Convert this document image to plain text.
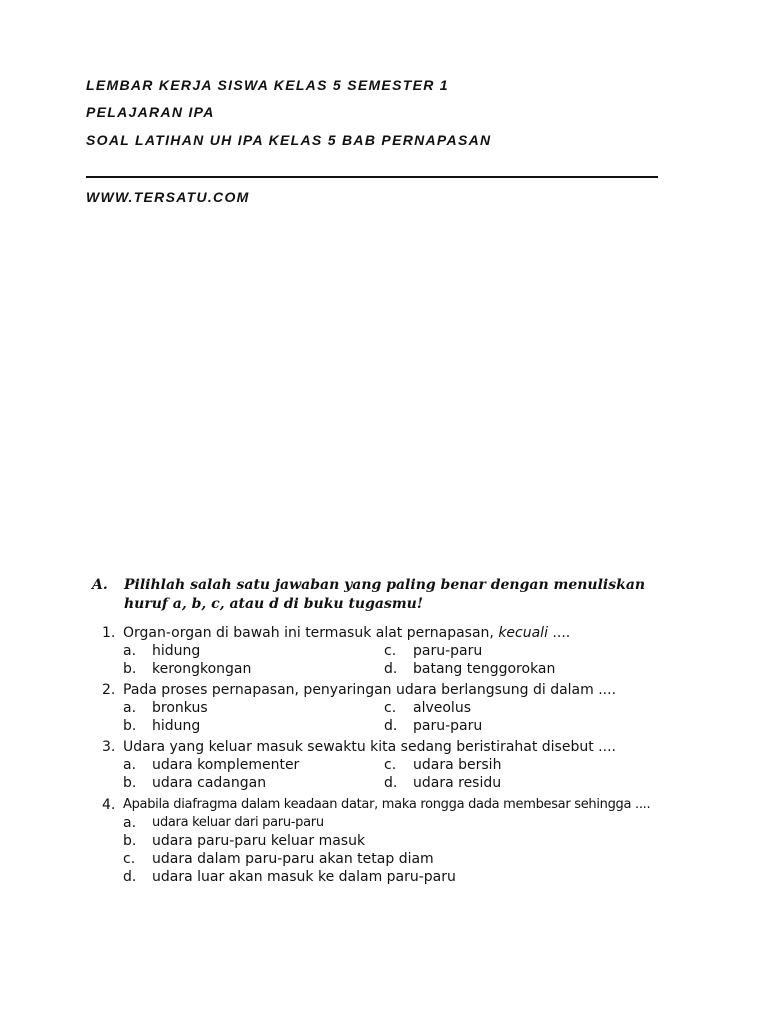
LEMBAR KERJA SISWA KELAS 5 SEMESTER 1
PELAJARAN IPA
SOAL LATIHAN UH IPA KELAS 5 BAB PERNAPASAN
WWW.TERSATU.COM
A. Pilihlah salah satu jawaban yang paling benar dengan menuliskan huruf a, b, c, atau d di buku tugasmu!
1. Organ-organ di bawah ini termasuk alat pernapasan, kecuali ....
a. hidung	c. paru-paru
b. kerongkongan	d. batang tenggorokan
2. Pada proses pernapasan, penyaringan udara berlangsung di dalam ....
a. bronkus	c. alveolus
b. hidung	d. paru-paru
3. Udara yang keluar masuk sewaktu kita sedang beristirahat disebut ....
a. udara komplementer	c. udara bersih
b. udara cadangan	d. udara residu
4. Apabila diafragma dalam keadaan datar, maka rongga dada membesar sehingga ....
a. udara keluar dari paru-paru
b. udara paru-paru keluar masuk
c. udara dalam paru-paru akan tetap diam
d. udara luar akan masuk ke dalam paru-paru
